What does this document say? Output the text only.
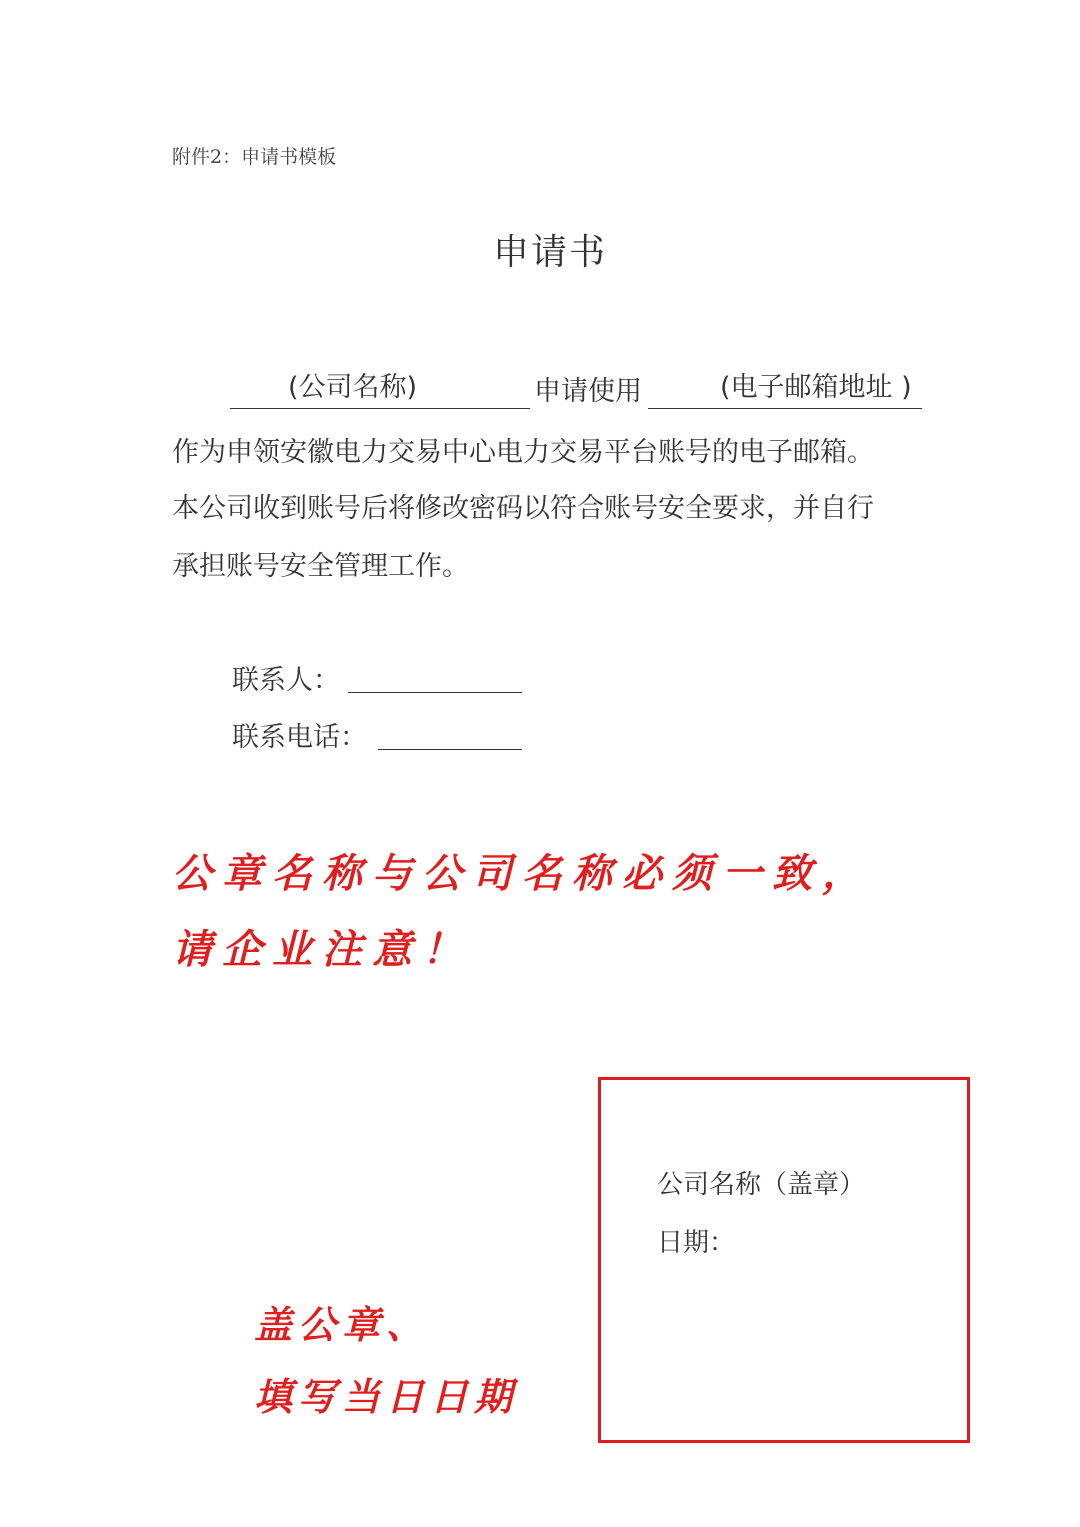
附件2：申请书模板
申请书
(公司名称)	申请使用	(电子邮箱地址 )
作为申领安徽电力交易中心电力交易平台账号的电子邮箱。
本公司收到账号后将修改密码以符合账号安全要求，并自行
承担账号安全管理工作。
联系人：
联系电话：
公章名称与公司名称必须一致，
请企业注意！
公司名称（盖章）
日期：
盖公章、
填写当日日期
